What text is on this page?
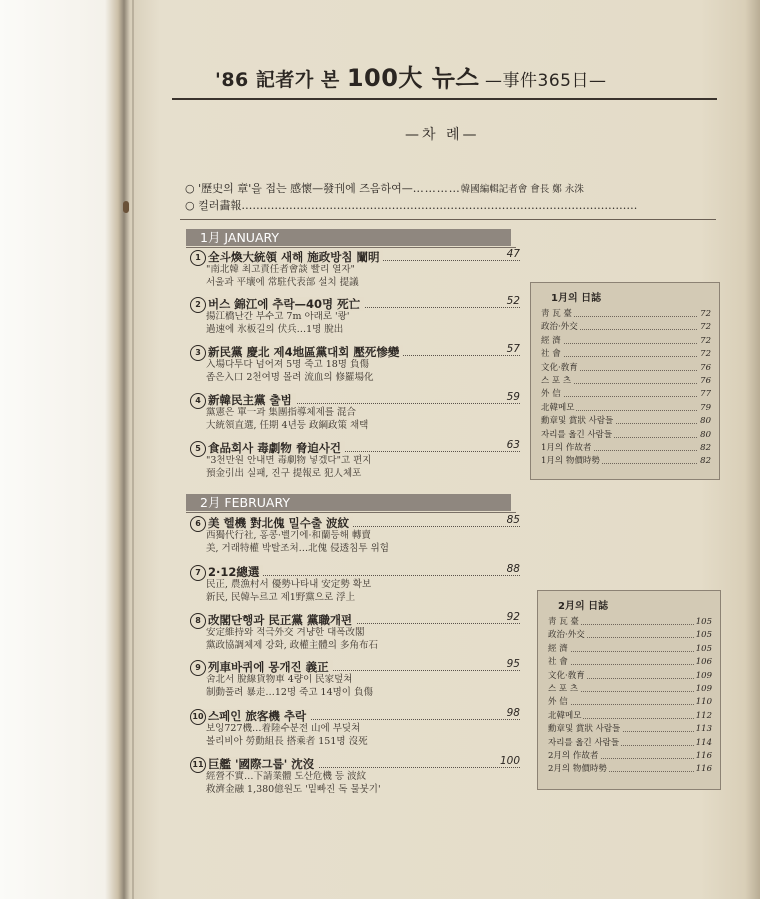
'86 記者가 본 100大 뉴스 —事件365日—
—차 례—
○ '歷史의 章'을 접는 感懷—發刊에 즈음하여—…………韓國編輯記者會 會長 鄭 永洙
○ 컬러畵報………………………………………………………………………………………………
1月 JANUARY
1 全斗煥大統領 새해 施政방침 闡明	47
"南北韓 최고責任者會談 빨리 열자"
서울과 平壤에 常駐代表部 설치 提議
2 버스 錦江에 추락—40명 死亡	52
揚江橋난간 부수고 7m 아래로 '쾅'
過速에 氷板길의 伏兵…1명 脫出
3 新民黨 慶北 제4地區黨대회 壓死惨變	57
入場다투다 넘어져 5명 죽고 18명 負傷
좁은入口 2천여명 몰려 流血의 修羅場化
4 新韓民主黨 출범	59
黨憲은 單一과 集團指導체제를 混合
大統領直選, 任期 4년등 政綱政策 채택
5 食品회사 毒劇物 脅迫사건	63
"3천만원 안내면 毒劇物 넣겠다"고 편지
預金引出 실패, 진구 提報로 犯人체포
2月 FEBRUARY
6 美 헬機 對北傀 밀수출 波紋	85
西獨代行社, 홍콩·벨기에·和蘭등해 轉賣
美, 거래特權 박탈조처…北傀 侵透침투 위험
7 2·12總選	88
民正, 農漁村서 優勢나타내 安定勢 확보
新民, 民韓누르고 제1野黨으로 浮上
8 改閣단행과 民正黨 黨職개편	92
安定維持와 적극外交 겨냥한 대폭改閣
黨政協調체제 강화, 政權主體의 多角布石
9 列車바퀴에 몽개진 義正	95
舍北서 脫線貨物車 4량이 民家덮쳐
制動풀려 暴走…12명 죽고 14명이 負傷
10 스페인 旅客機 추락	98
보잉727機…着陸수분전 山에 부딪쳐
볼리비아 勞動組長 搭乘者 151명 沒死
11 巨艦 '國際그룹' 沈沒	100
經營不實…下請業體 도산危機 등 波紋
救濟金融 1,380億원도 '밑빠진 독 물붓기'
1月의 日誌
靑 瓦 臺	72
政治·外交	72
經 濟	72
社 會	72
文化·敎育	76
스 포 츠	76
外 信	77
北韓메모	79
勳章및 賞狀 사람들	80
자리를 옮긴 사람들	80
1月의 作故者	82
1月의 物價時勢	82
2月의 日誌
靑 瓦 臺	105
政治·外交	105
經 濟	105
社 會	106
文化·敎育	109
스 포 츠	109
外 信	110
北韓메모	112
勳章및 賞狀 사람들	113
자리를 옮긴 사람들	114
2月의 作故者	116
2月의 物價時勢	116
